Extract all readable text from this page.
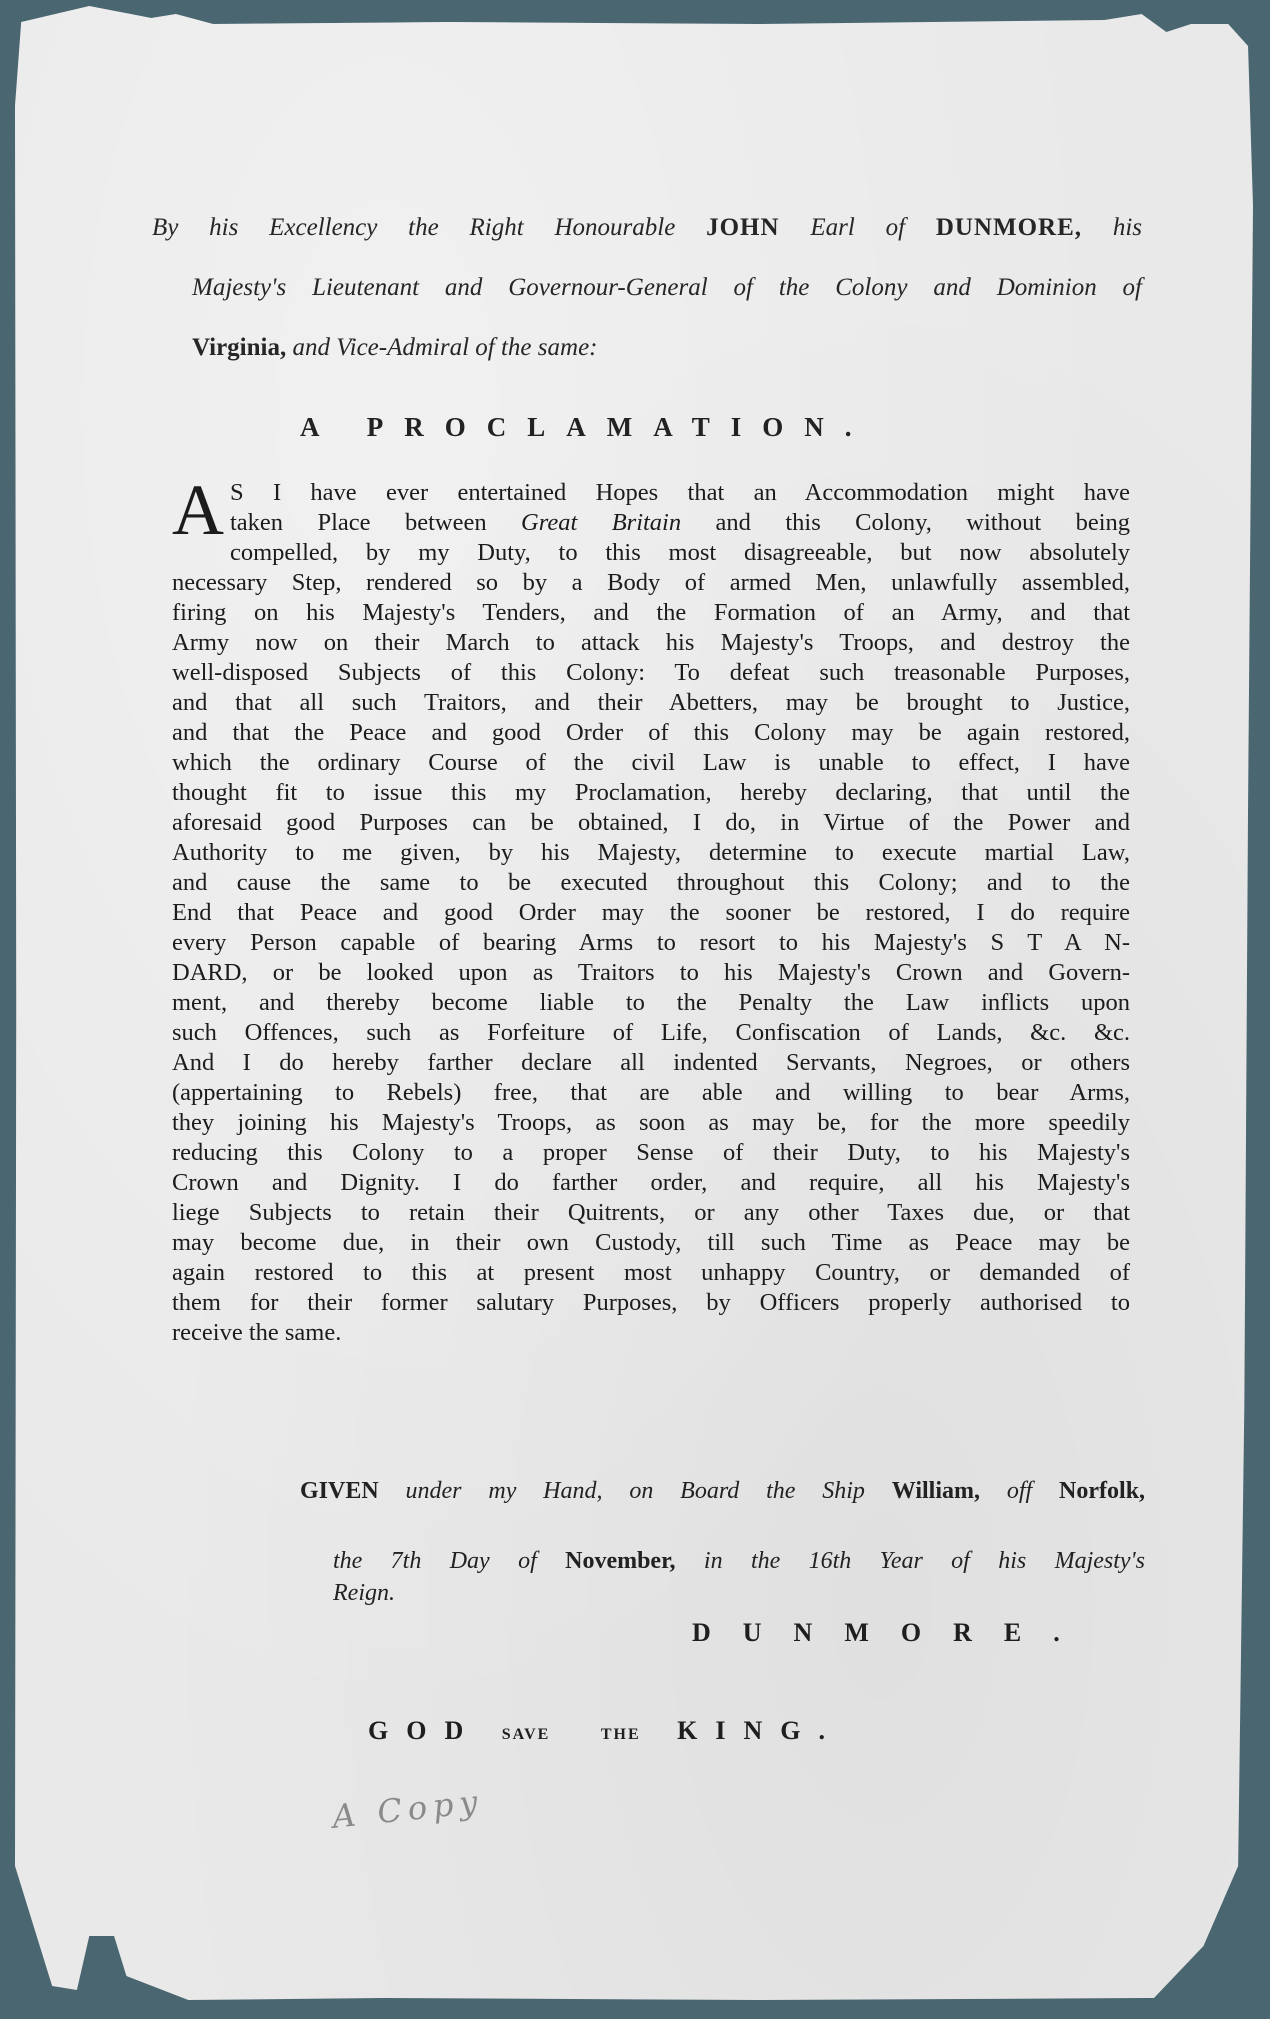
By his Excellency the Right Honourable JOHN Earl of DUNMORE, his
Majesty's Lieutenant and Governour-General of the Colony and Dominion of
Virginia, and Vice-Admiral of the same:
A PROCLAMATION.
A S I have ever entertained Hopes that an Accommodation might have
taken Place between Great Britain and this Colony, without being
compelled, by my Duty, to this most disagreeable, but now absolutely
necessary Step, rendered so by a Body of armed Men, unlawfully assembled,
firing on his Majesty's Tenders, and the Formation of an Army, and that
Army now on their March to attack his Majesty's Troops, and destroy the
well-disposed Subjects of this Colony: To defeat such treasonable Purposes,
and that all such Traitors, and their Abetters, may be brought to Justice,
and that the Peace and good Order of this Colony may be again restored,
which the ordinary Course of the civil Law is unable to effect, I have
thought fit to issue this my Proclamation, hereby declaring, that until the
aforesaid good Purposes can be obtained, I do, in Virtue of the Power and
Authority to me given, by his Majesty, determine to execute martial Law,
and cause the same to be executed throughout this Colony; and to the
End that Peace and good Order may the sooner be restored, I do require
every Person capable of bearing Arms to resort to his Majesty's S T A N-
DARD, or be looked upon as Traitors to his Majesty's Crown and Govern-
ment, and thereby become liable to the Penalty the Law inflicts upon
such Offences, such as Forfeiture of Life, Confiscation of Lands, &c. &c.
And I do hereby farther declare all indented Servants, Negroes, or others
(appertaining to Rebels) free, that are able and willing to bear Arms,
they joining his Majesty's Troops, as soon as may be, for the more speedily
reducing this Colony to a proper Sense of their Duty, to his Majesty's
Crown and Dignity. I do farther order, and require, all his Majesty's
liege Subjects to retain their Quitrents, or any other Taxes due, or that
may become due, in their own Custody, till such Time as Peace may be
again restored to this at present most unhappy Country, or demanded of
them for their former salutary Purposes, by Officers properly authorised to
receive the same.
GIVEN under my Hand, on Board the Ship William, off Norfolk,
the 7th Day of November, in the 16th Year of his Majesty's
Reign.
DUNMORE.
GOD SAVE	THE KING.
A Copy
